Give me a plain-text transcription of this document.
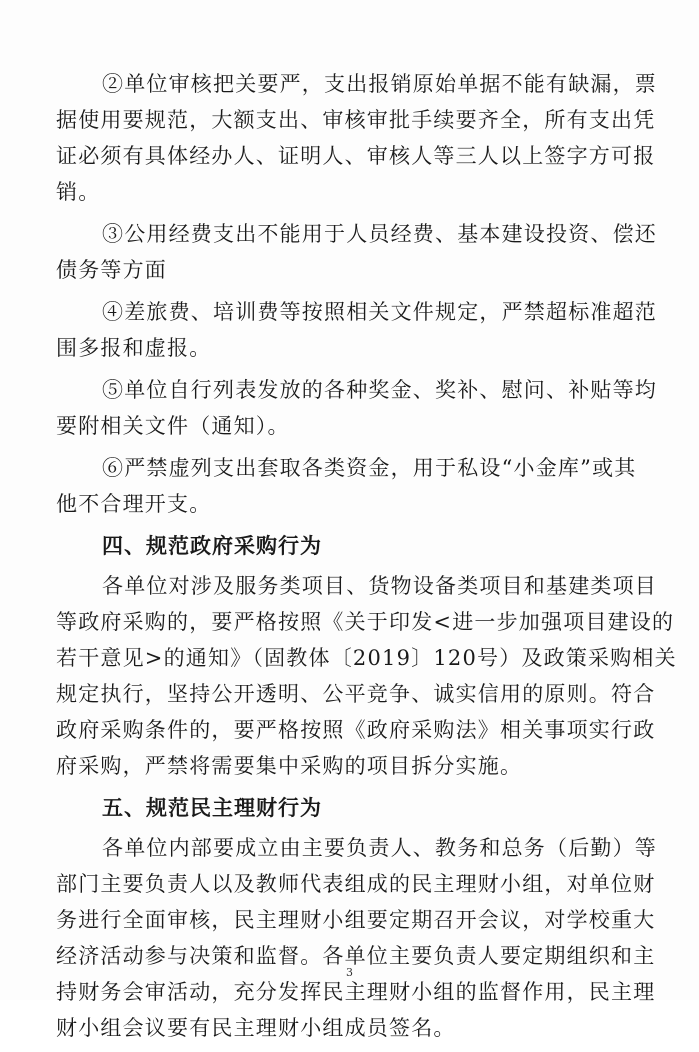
②单位审核把关要严，支出报销原始单据不能有缺漏，票
据使用要规范，大额支出、审核审批手续要齐全，所有支出凭
证必须有具体经办人、证明人、审核人等三人以上签字方可报
销。
③公用经费支出不能用于人员经费、基本建设投资、偿还
债务等方面
④差旅费、培训费等按照相关文件规定，严禁超标准超范
围多报和虚报。
⑤单位自行列表发放的各种奖金、奖补、慰问、补贴等均
要附相关文件（通知）。
⑥严禁虚列支出套取各类资金，用于私设“小金库”或其
他不合理开支。
四、规范政府采购行为
各单位对涉及服务类项目、货物设备类项目和基建类项目
等政府采购的，要严格按照《关于印发<进一步加强项目建设的
若干意见>的通知》（固教体〔2019〕120号）及政策采购相关
规定执行，坚持公开透明、公平竞争、诚实信用的原则。符合
政府采购条件的，要严格按照《政府采购法》相关事项实行政
府采购，严禁将需要集中采购的项目拆分实施。
五、规范民主理财行为
各单位内部要成立由主要负责人、教务和总务（后勤）等
部门主要负责人以及教师代表组成的民主理财小组，对单位财
务进行全面审核，民主理财小组要定期召开会议，对学校重大
经济活动参与决策和监督。各单位主要负责人要定期组织和主
持财务会审活动，充分发挥民主理财小组的监督作用，民主理
财小组会议要有民主理财小组成员签名。
3
